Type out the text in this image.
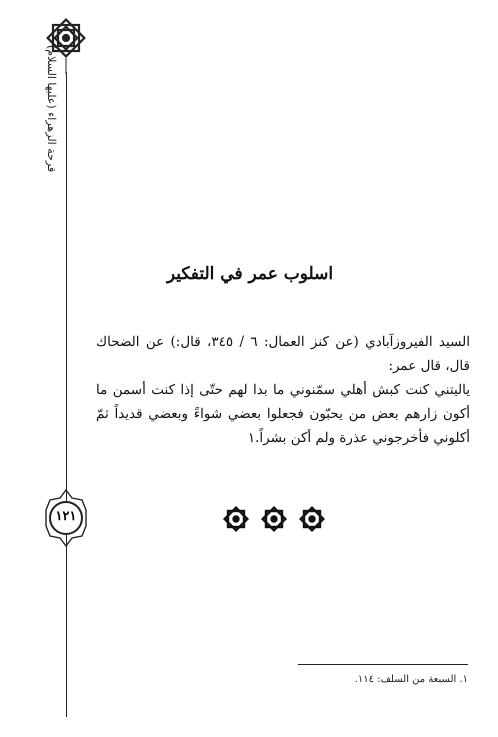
قرحة الزهراء (عليها السلام)
١٢١
اسلوب عمر في التفكير

السيد الفيروزآبادي (عن كنز العمال: ٦ / ٣٤٥، قال:) عن الضحاك قال، قال عمر:

ياليتني كنت كبش أهلي سمّنوني ما بدا لهم حتّى إذا كنت أسمن ما أكون زارهم بعض من يحبّون فجعلوا بعضي شواءً وبعضي قديداً ثمّ أكلوني فأخرجوني عذرة ولم أكن بشراً.١

١. السبعة من السلف: ١١٤.
